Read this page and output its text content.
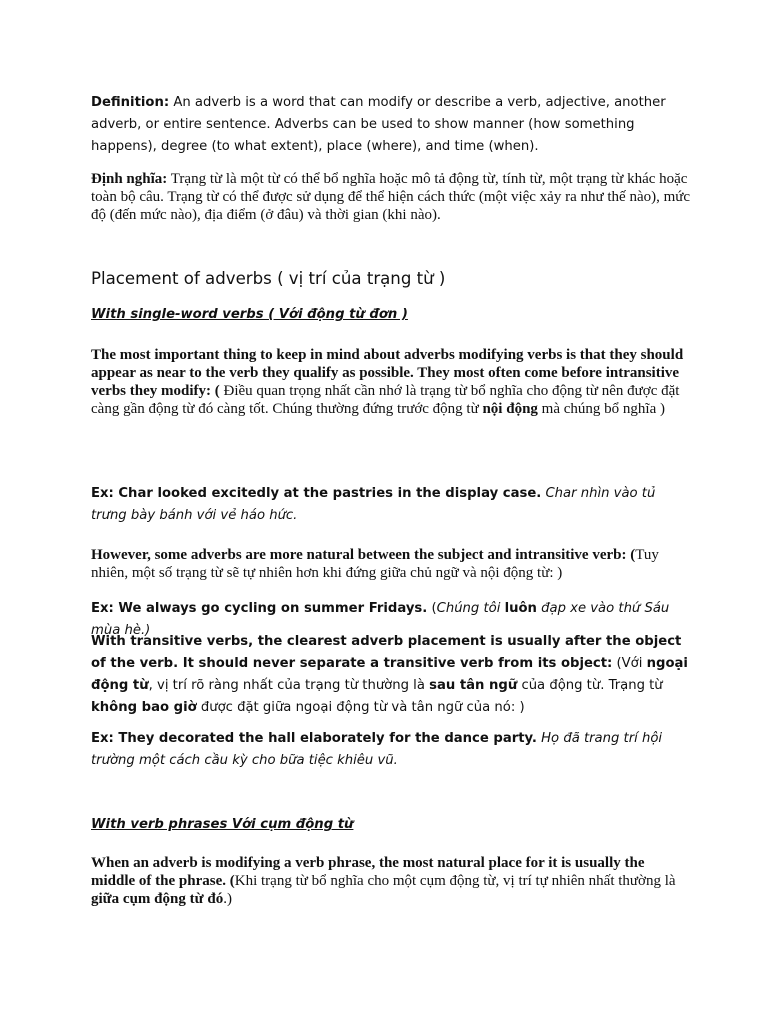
Definition: An adverb is a word that can modify or describe a verb, adjective, another adverb, or entire sentence. Adverbs can be used to show manner (how something happens), degree (to what extent), place (where), and time (when).
Định nghĩa: Trạng từ là một từ có thể bổ nghĩa hoặc mô tả động từ, tính từ, một trạng từ khác hoặc toàn bộ câu. Trạng từ có thể được sử dụng để thể hiện cách thức (một việc xảy ra như thế nào), mức độ (đến mức nào), địa điểm (ở đâu) và thời gian (khi nào).
Placement of adverbs ( vị trí của trạng từ )
With single-word verbs ( Với động từ đơn )
The most important thing to keep in mind about adverbs modifying verbs is that they should appear as near to the verb they qualify as possible. They most often come before intransitive verbs they modify: ( Điều quan trọng nhất cần nhớ là trạng từ bổ nghĩa cho động từ nên được đặt càng gần động từ đó càng tốt. Chúng thường đứng trước động từ nội động mà chúng bổ nghĩa )
Ex: Char looked excitedly at the pastries in the display case. Char nhìn vào tủ trưng bày bánh với vẻ háo hức.
However, some adverbs are more natural between the subject and intransitive verb: (Tuy nhiên, một số trạng từ sẽ tự nhiên hơn khi đứng giữa chủ ngữ và nội động từ: )
Ex: We always go cycling on summer Fridays. (Chúng tôi luôn đạp xe vào thứ Sáu mùa hè.)
With transitive verbs, the clearest adverb placement is usually after the object of the verb. It should never separate a transitive verb from its object: (Với ngoại động từ, vị trí rõ ràng nhất của trạng từ thường là sau tân ngữ của động từ. Trạng từ không bao giờ được đặt giữa ngoại động từ và tân ngữ của nó: )
Ex: They decorated the hall elaborately for the dance party. Họ đã trang trí hội trường một cách cầu kỳ cho bữa tiệc khiêu vũ.
With verb phrases Với cụm động từ
When an adverb is modifying a verb phrase, the most natural place for it is usually the middle of the phrase. (Khi trạng từ bổ nghĩa cho một cụm động từ, vị trí tự nhiên nhất thường là giữa cụm động từ đó.)
